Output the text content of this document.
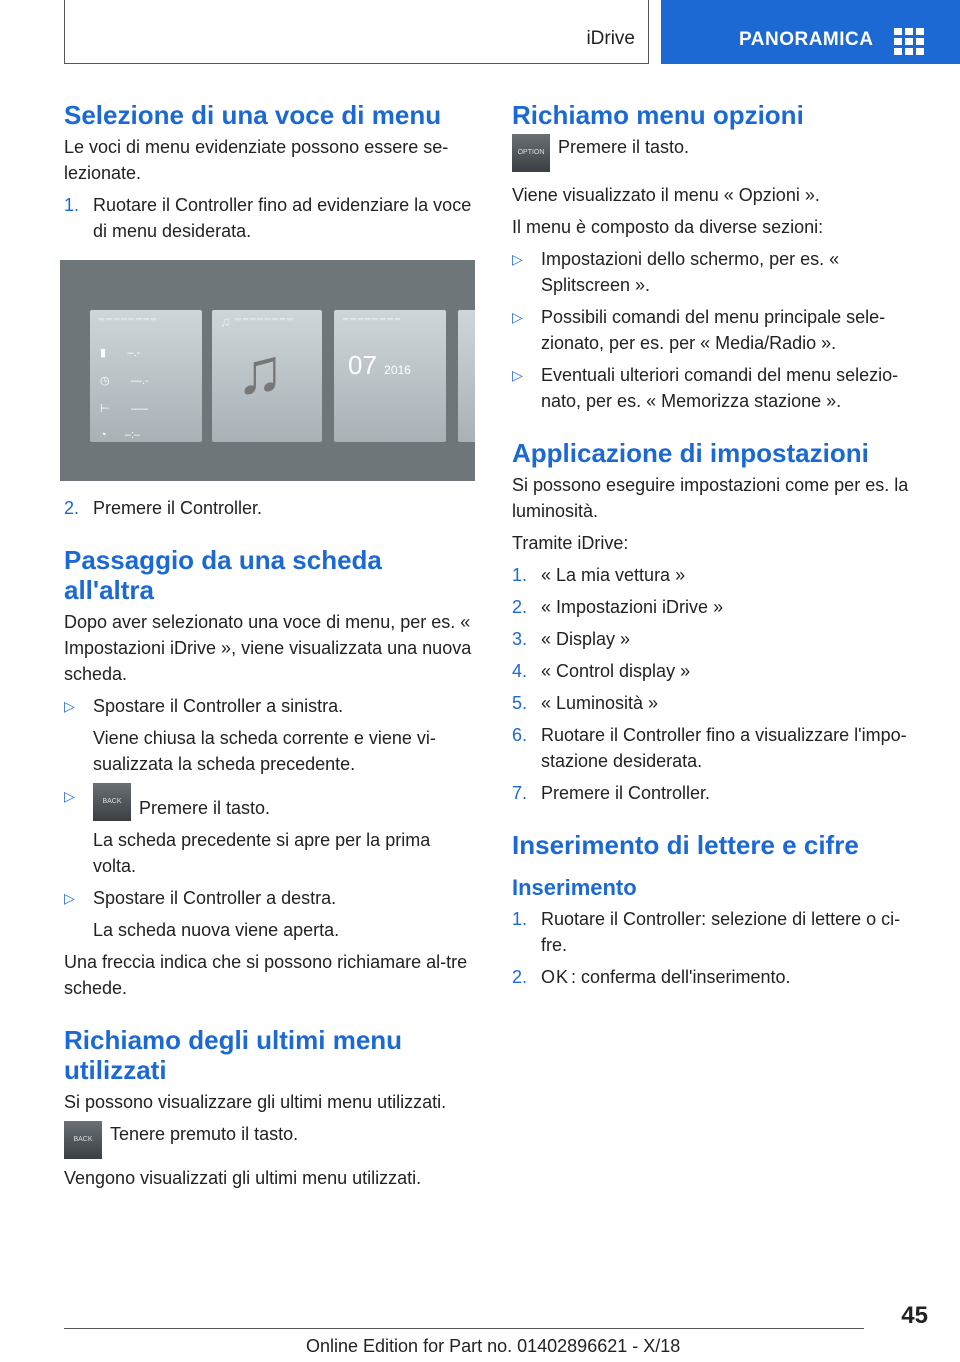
iDrive	PANORAMICA
Selezione di una voce di menu

Le voci di menu evidenziate possono essere se-lezionate.

1. Ruotare il Controller fino ad evidenziare la voce di menu desiderata.
⁼⁼⁼⁼⁼⁼⁼⁼
▮       –.-
◷       —.-
⊢       –—
◔      –:–
♫ ⁼⁼⁼⁼⁼⁼⁼⁼
♫
⁼⁼⁼⁼⁼⁼⁼⁼
07 2016
2. Premere il Controller.
Passaggio da una scheda all'altra

Dopo aver selezionato una voce di menu, per es. « Impostazioni iDrive », viene visualizzata una nuova scheda.

▷	Spostare il Controller a sinistra.
Viene chiusa la scheda corrente e viene vi-sualizzata la scheda precedente.
▷	BACK Premere il tasto.
La scheda precedente si apre per la prima volta.
▷	Spostare il Controller a destra.
La scheda nuova viene aperta.

Una freccia indica che si possono richiamare al-tre schede.

Richiamo degli ultimi menu utilizzati

Si possono visualizzare gli ultimi menu utilizzati.

BACK Tenere premuto il tasto.

Vengono visualizzati gli ultimi menu utilizzati.

Richiamo menu opzioni
OPTION Premere il tasto.

Viene visualizzato il menu « Opzioni ».

Il menu è composto da diverse sezioni:

▷	Impostazioni dello schermo, per es. « Splitscreen ».
▷	Possibili comandi del menu principale sele-zionato, per es. per « Media/Radio ».
▷	Eventuali ulteriori comandi del menu selezio-nato, per es. « Memorizza stazione ».
Applicazione di impostazioni

Si possono eseguire impostazioni come per es. la luminosità.

Tramite iDrive:

1. « La mia vettura »
2. « Impostazioni iDrive »
3. « Display »
4. « Control display »
5. « Luminosità »
6. Ruotare il Controller fino a visualizzare l'impo-stazione desiderata.
7. Premere il Controller.
Inserimento di lettere e cifre
Inserimento
1. Ruotare il Controller: selezione di lettere o ci-fre.
2. OK : conferma dell'inserimento.
45
Online Edition for Part no. 01402896621 - X/18
